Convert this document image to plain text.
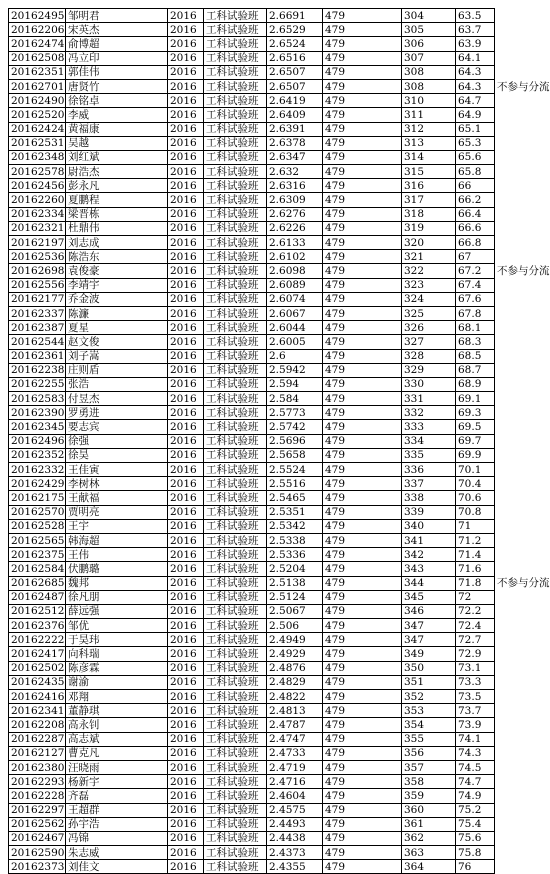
20162495	邹明君	2016	工科试验班	2.6691	479	304	63.5	
20162206	宋英杰	2016	工科试验班	2.6529	479	305	63.7	
20162474	俞博超	2016	工科试验班	2.6524	479	306	63.9	
20162508	冯立印	2016	工科试验班	2.6516	479	307	64.1	
20162351	郭佳伟	2016	工科试验班	2.6507	479	308	64.3	
20162701	唐贤竹	2016	工科试验班	2.6507	479	308	64.3	不参与分流
20162490	徐铭卓	2016	工科试验班	2.6419	479	310	64.7	
20162520	李威	2016	工科试验班	2.6409	479	311	64.9	
20162424	黄福康	2016	工科试验班	2.6391	479	312	65.1	
20162531	吴越	2016	工科试验班	2.6378	479	313	65.3	
20162348	刘红斌	2016	工科试验班	2.6347	479	314	65.6	
20162578	尉浩杰	2016	工科试验班	2.632	479	315	65.8	
20162456	彭永凡	2016	工科试验班	2.6316	479	316	66	
20162260	夏鹏程	2016	工科试验班	2.6309	479	317	66.2	
20162334	梁晋栋	2016	工科试验班	2.6276	479	318	66.4	
20162321	杜鼎伟	2016	工科试验班	2.6226	479	319	66.6	
20162197	刘志成	2016	工科试验班	2.6133	479	320	66.8	
20162536	陈浩东	2016	工科试验班	2.6102	479	321	67	
20162698	袁俊豪	2016	工科试验班	2.6098	479	322	67.2	不参与分流
20162556	李靖宇	2016	工科试验班	2.6089	479	323	67.4	
20162177	乔金波	2016	工科试验班	2.6074	479	324	67.6	
20162337	陈濂	2016	工科试验班	2.6067	479	325	67.8	
20162387	夏星	2016	工科试验班	2.6044	479	326	68.1	
20162544	赵文俊	2016	工科试验班	2.6005	479	327	68.3	
20162361	刘子嵩	2016	工科试验班	2.6	479	328	68.5	
20162238	庄则盾	2016	工科试验班	2.5942	479	329	68.7	
20162255	张浩	2016	工科试验班	2.594	479	330	68.9	
20162583	付昱杰	2016	工科试验班	2.584	479	331	69.1	
20162390	罗勇进	2016	工科试验班	2.5773	479	332	69.3	
20162345	要志宾	2016	工科试验班	2.5742	479	333	69.5	
20162496	徐强	2016	工科试验班	2.5696	479	334	69.7	
20162352	徐昊	2016	工科试验班	2.5658	479	335	69.9	
20162332	王佳寅	2016	工科试验班	2.5524	479	336	70.1	
20162429	李树林	2016	工科试验班	2.5516	479	337	70.4	
20162175	王献福	2016	工科试验班	2.5465	479	338	70.6	
20162570	贾明亮	2016	工科试验班	2.5351	479	339	70.8	
20162528	王宇	2016	工科试验班	2.5342	479	340	71	
20162565	韩海超	2016	工科试验班	2.5338	479	341	71.2	
20162375	王伟	2016	工科试验班	2.5336	479	342	71.4	
20162584	伏鹏璐	2016	工科试验班	2.5204	479	343	71.6	
20162685	魏邦	2016	工科试验班	2.5138	479	344	71.8	不参与分流
20162487	徐凡朋	2016	工科试验班	2.5124	479	345	72	
20162512	薛远强	2016	工科试验班	2.5067	479	346	72.2	
20162376	邹优	2016	工科试验班	2.506	479	347	72.4	
20162222	于昊玮	2016	工科试验班	2.4949	479	347	72.7	
20162417	向科瑞	2016	工科试验班	2.4929	479	349	72.9	
20162502	陈彦霖	2016	工科试验班	2.4876	479	350	73.1	
20162435	谢渝	2016	工科试验班	2.4829	479	351	73.3	
20162416	邓翔	2016	工科试验班	2.4822	479	352	73.5	
20162341	董静琪	2016	工科试验班	2.4813	479	353	73.7	
20162208	高永钊	2016	工科试验班	2.4787	479	354	73.9	
20162287	高志斌	2016	工科试验班	2.4747	479	355	74.1	
20162127	曹克凡	2016	工科试验班	2.4733	479	356	74.3	
20162380	汪晓雨	2016	工科试验班	2.4719	479	357	74.5	
20162293	杨新宇	2016	工科试验班	2.4716	479	358	74.7	
20162228	齐磊	2016	工科试验班	2.4604	479	359	74.9	
20162297	王超群	2016	工科试验班	2.4575	479	360	75.2	
20162562	孙宇浩	2016	工科试验班	2.4493	479	361	75.4	
20162467	冯锦	2016	工科试验班	2.4438	479	362	75.6	
20162590	朱志威	2016	工科试验班	2.4373	479	363	75.8	
20162373	刘佳文	2016	工科试验班	2.4355	479	364	76	
